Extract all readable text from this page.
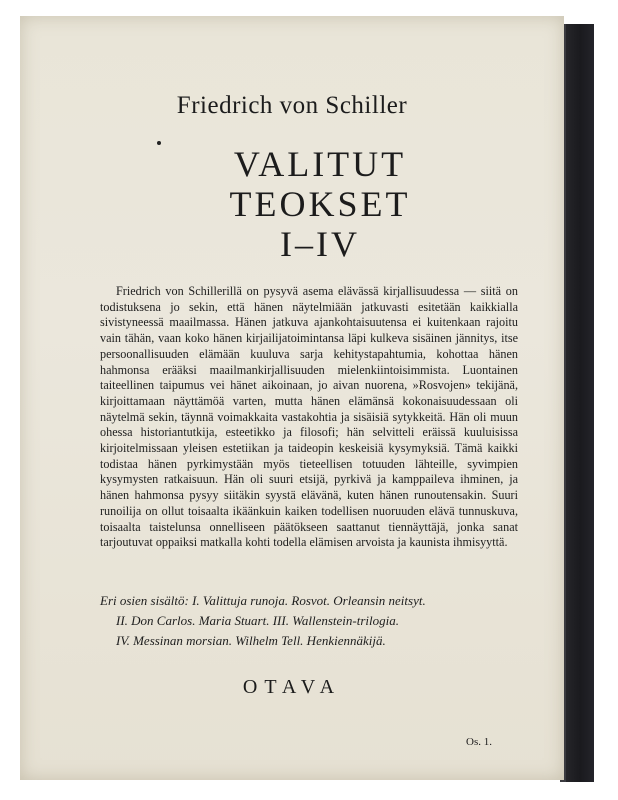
Friedrich von Schiller
VALITUT
TEOKSET
I–IV
Friedrich von Schillerillä on pysyvä asema elävässä kirjallisuudessa — siitä on todistuksena jo sekin, että hänen näytelmiään jatkuvasti esitetään kaikkialla sivistyneessä maailmassa. Hänen jatkuva ajankohtaisuutensa ei kuitenkaan rajoitu vain tähän, vaan koko hänen kirjailijatoimintansa läpi kulkeva sisäinen jännitys, itse persoonallisuuden elämään kuuluva sarja kehitystapahtumia, kohottaa hänen hahmonsa erääksi maailmankirjallisuuden mielenkiintoisimmista. Luontainen taiteellinen taipumus vei hänet aikoinaan, jo aivan nuorena, »Rosvojen» tekijänä, kirjoittamaan näyttämöä varten, mutta hänen elämänsä kokonaisuudessaan oli näytelmä sekin, täynnä voimakkaita vastakohtia ja sisäisiä sytykkeitä. Hän oli muun ohessa historiantutkija, esteetikko ja filosofi; hän selvitteli eräissä kuuluisissa kirjoitelmissaan yleisen estetiikan ja taideopin keskeisiä kysymyksiä. Tämä kaikki todistaa hänen pyrkimystään myös tieteellisen totuuden lähteille, syvimpien kysymysten ratkaisuun. Hän oli suuri etsijä, pyrkivä ja kamppaileva ihminen, ja hänen hahmonsa pysyy siitäkin syystä elävänä, kuten hänen runoutensakin. Suuri runoilija on ollut toisaalta ikäänkuin kaiken todellisen nuoruuden elävä tunnuskuva, toisaalta taistelunsa onnelliseen päätökseen saattanut tiennäyttäjä, jonka sanat tarjoutuvat oppaiksi matkalla kohti todella elämisen arvoista ja kaunista ihmisyyttä.
Eri osien sisältö: I. Valittuja runoja. Rosvot. Orleansin neitsyt.
II. Don Carlos. Maria Stuart. III. Wallenstein-trilogia.
IV. Messinan morsian. Wilhelm Tell. Henkiennäkijä.
OTAVA
Os. 1.
